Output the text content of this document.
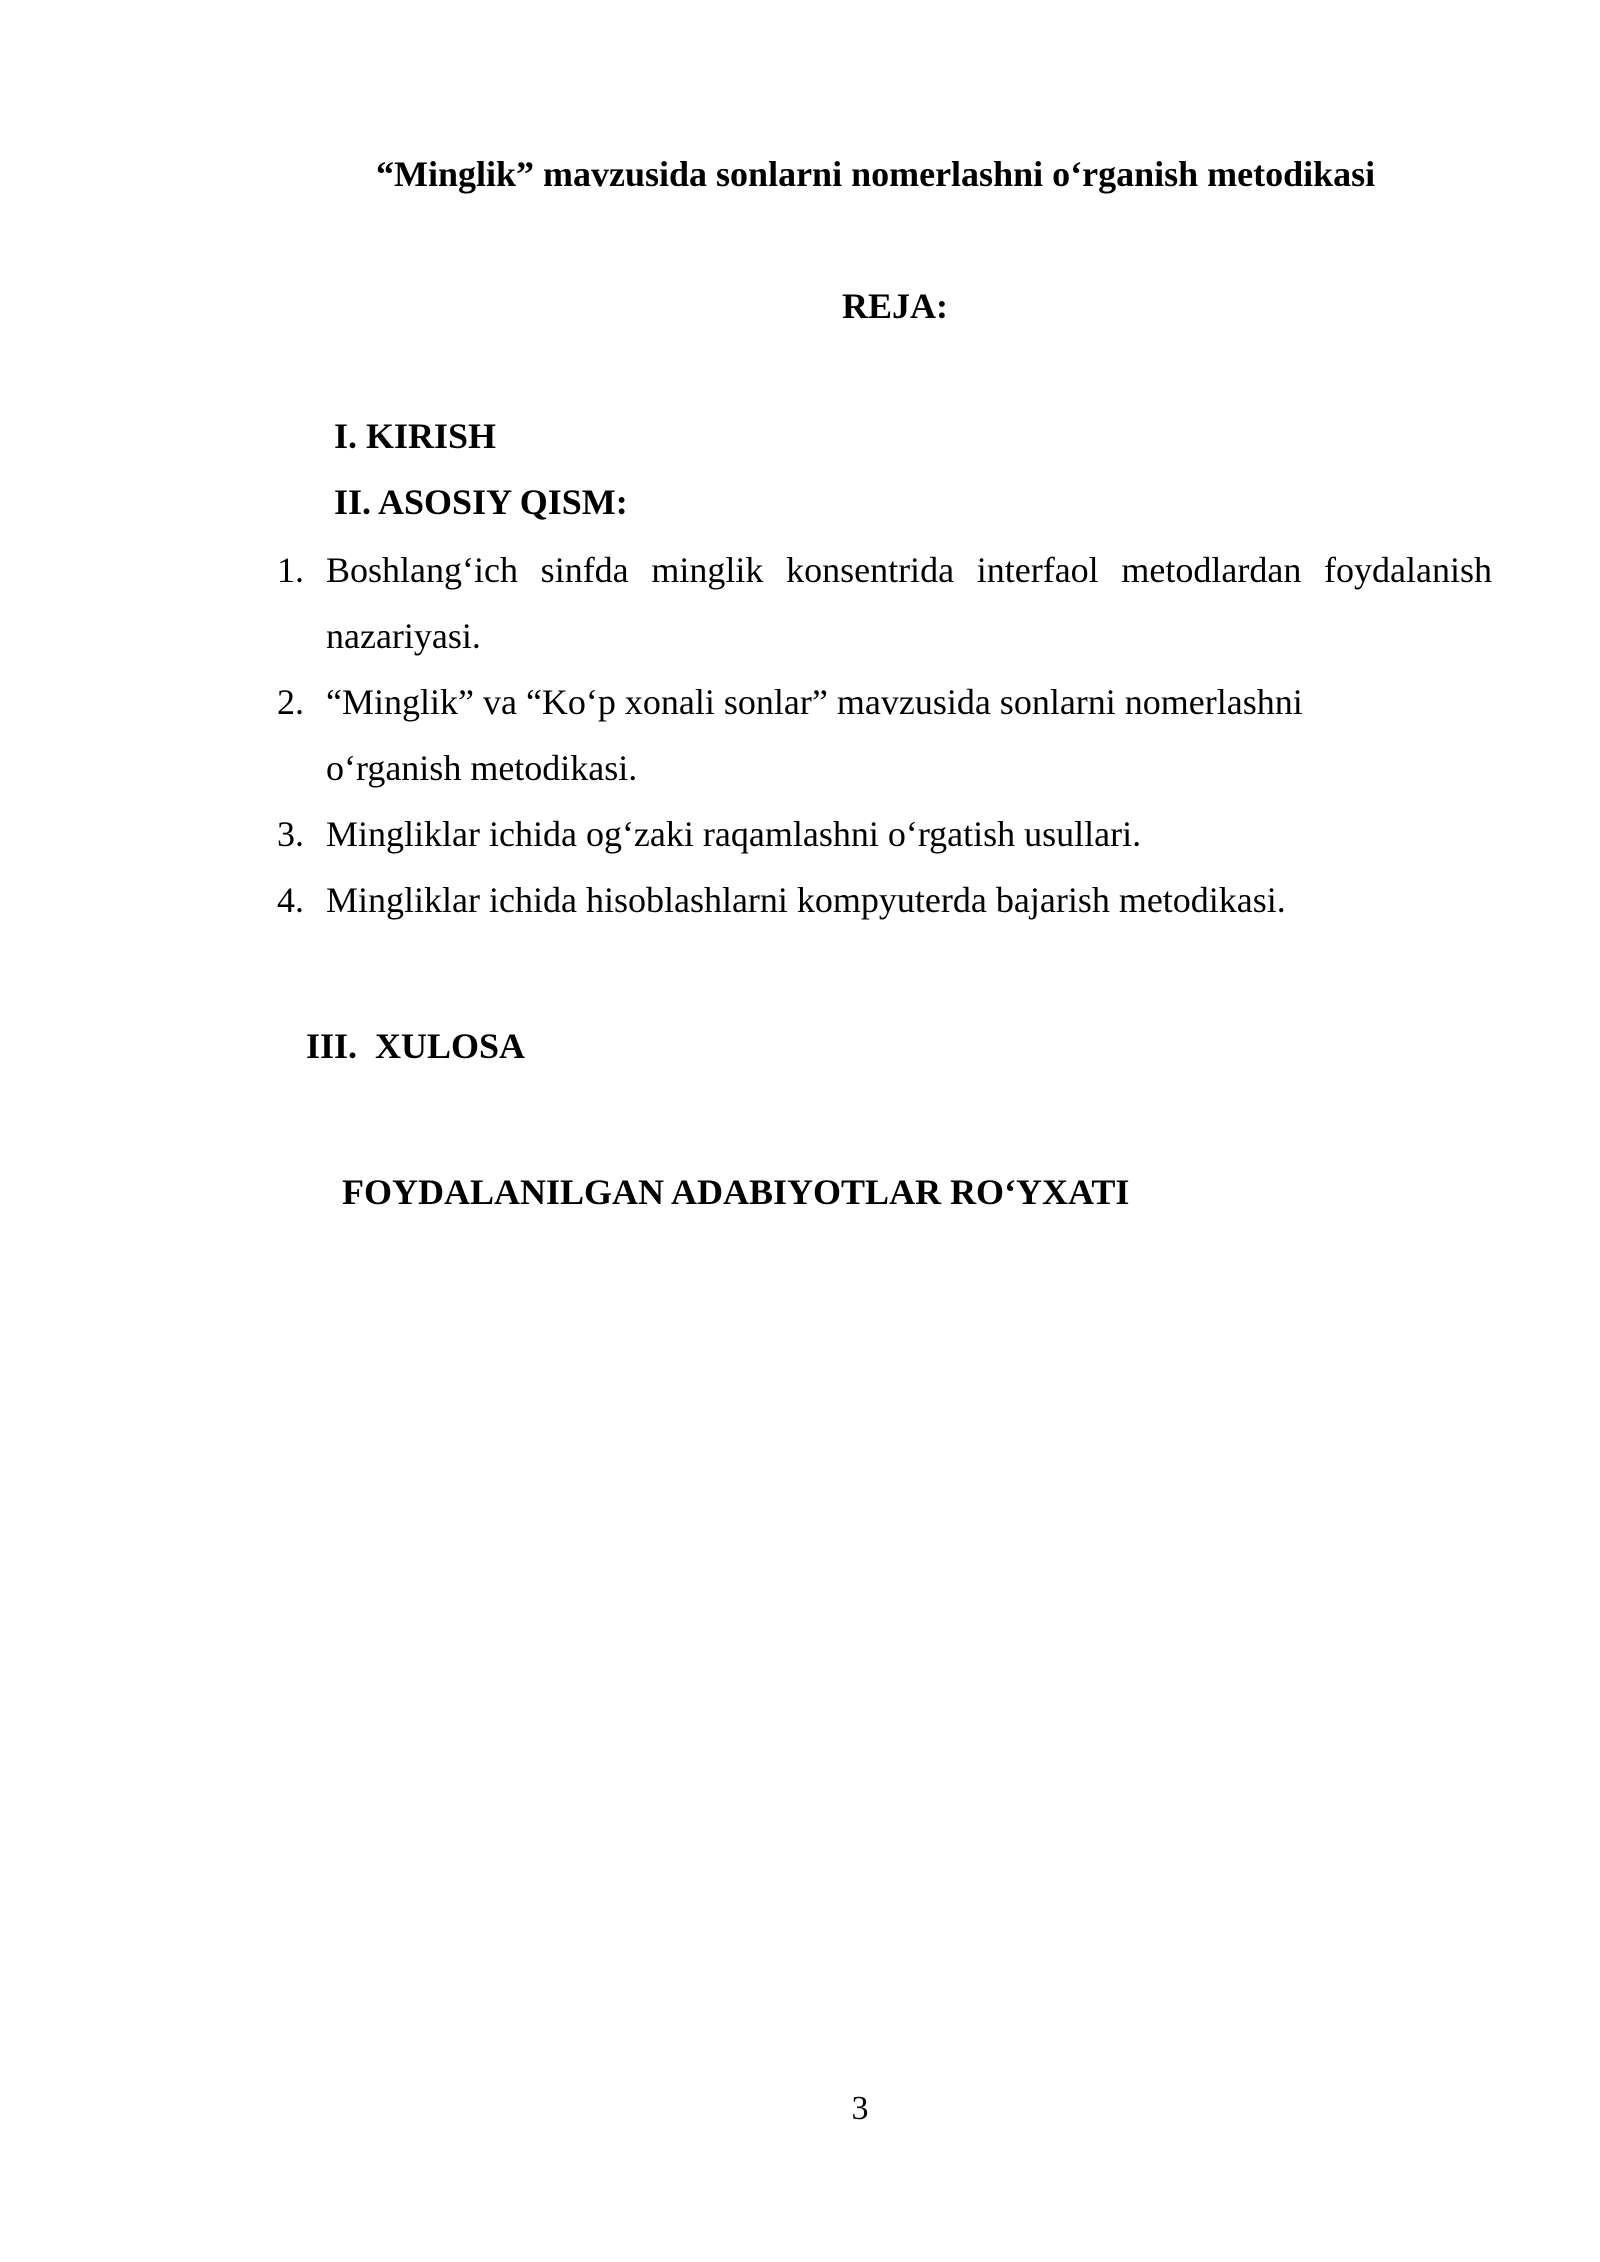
“Minglik” mavzusida sonlarni nomerlashni o‘rganish metodikasi
REJA:
I. KIRISH
II. ASOSIY QISM:
1. Boshlang‘ich sinfda minglik konsentrida interfaol metodlardan foydalanish
nazariyasi.
2. “Minglik” va “Ko‘p xonali sonlar” mavzusida sonlarni nomerlashni
o‘rganish metodikasi.
3. Mingliklar ichida og‘zaki raqamlashni o‘rgatish usullari.
4. Mingliklar ichida hisoblashlarni kompyuterda bajarish metodikasi.
III.  XULOSA
FOYDALANILGAN ADABIYOTLAR RO‘YXATI
3
